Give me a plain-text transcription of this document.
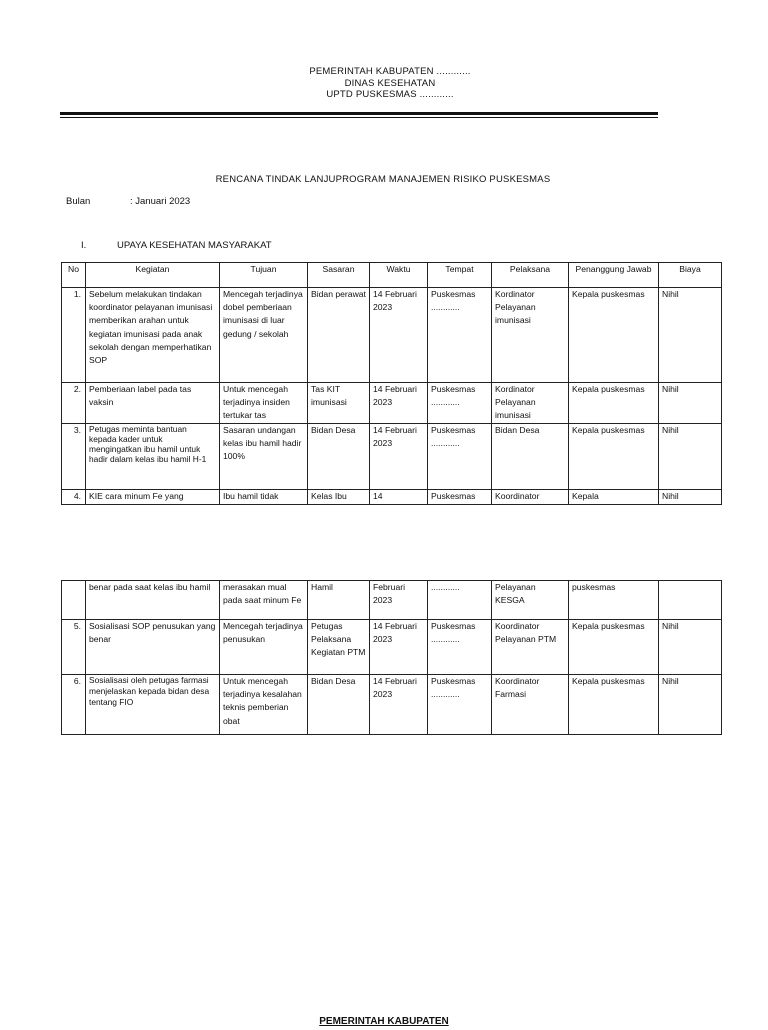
PEMERINTAH KABUPATEN ............
DINAS KESEHATAN
UPTD PUSKESMAS ............
RENCANA TINDAK LANJUPROGRAM MANAJEMEN RISIKO PUSKESMAS
Bulan	: Januari 2023
I.	UPAYA KESEHATAN MASYARAKAT
No	Kegiatan	Tujuan	Sasaran	Waktu	Tempat	Pelaksana	Penanggung Jawab	Biaya
1.	Sebelum melakukan tindakan koordinator pelayanan imunisasi memberikan arahan untuk kegiatan imunisasi pada anak sekolah dengan memperhatikan SOP	Mencegah terjadinya dobel pemberiaan imunisasi di luar gedung / sekolah	Bidan perawat	14 Februari 2023	Puskesmas ............	Kordinator Pelayanan imunisasi	Kepala puskesmas	Nihil
2.	Pemberiaan label pada tas vaksin	Untuk mencegah terjadinya insiden tertukar tas	Tas KIT imunisasi	14 Februari 2023	Puskesmas ............	Kordinator Pelayanan imunisasi	Kepala puskesmas	Nihil
3.	Petugas meminta bantuan kepada kader untuk mengingatkan ibu hamil untuk hadir dalam kelas ibu hamil H-1	Sasaran undangan kelas ibu hamil hadir 100%	Bidan Desa	14 Februari 2023	Puskesmas ............	Bidan Desa	Kepala puskesmas	Nihil
4.	KIE cara minum Fe yang	Ibu hamil tidak	Kelas Ibu	14	Puskesmas	Koordinator	Kepala	Nihil
	benar pada saat kelas ibu hamil	merasakan mual pada saat minum Fe	Hamil	Februari 2023	............	Pelayanan KESGA	puskesmas	
5.	Sosialisasi SOP penusukan yang benar	Mencegah terjadinya penusukan	Petugas Pelaksana Kegiatan PTM	14 Februari 2023	Puskesmas ............	Koordinator Pelayanan PTM	Kepala puskesmas	Nihil
6.	Sosialisasi oleh petugas farmasi menjelaskan kepada bidan desa tentang FIO	Untuk mencegah terjadinya kesalahan teknis pemberian obat	Bidan Desa	14 Februari 2023	Puskesmas ............	Koordinator Farmasi	Kepala puskesmas	Nihil
PEMERINTAH KABUPATEN
